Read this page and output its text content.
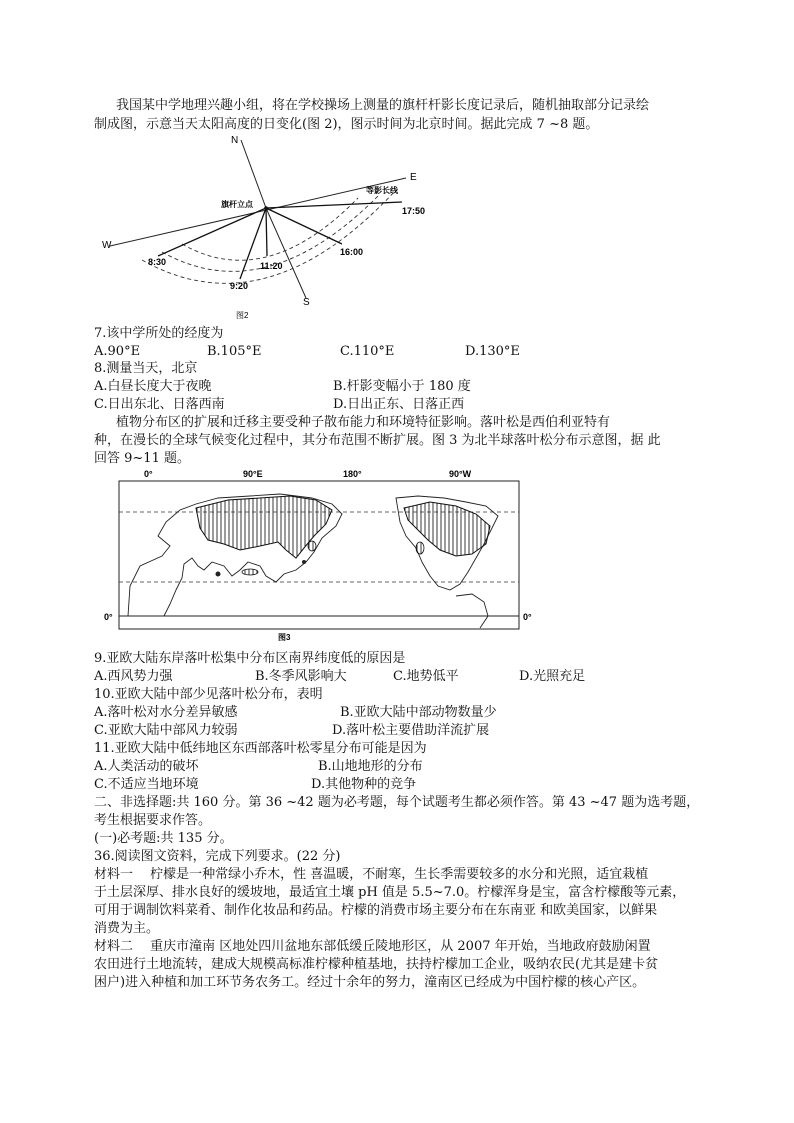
我国某中学地理兴趣小组，将在学校操场上测量的旗杆杆影长度记录后，随机抽取部分记录绘
制成图，示意当天太阳高度的日变化(图 2)，图示时间为北京时间。据此完成 7 ~8 题。
N
E
W
S
旗杆立点
等影长线
8:30
9:20
11:20
16:00
17:50
图2
7.该中学所处的经度为
A.90°E	B.105°E	C.110°E	D.130°E
8.测量当天，北京
A.白昼长度大于夜晚	B.杆影变幅小于 180 度
C.日出东北、日落西南	D.日出正东、日落正西
植物分布区的扩展和迁移主要受种子散布能力和环境特征影响。落叶松是西伯利亚特有
种，在漫长的全球气候变化过程中，其分布范围不断扩展。图 3 为北半球落叶松分布示意图，据 此
回答 9~11 题。
0°	90°E	180°	90°W
0°	0°
图3
9.亚欧大陆东岸落叶松集中分布区南界纬度低的原因是
A.西风势力强	B.冬季风影响大	C.地势低平	D.光照充足
10.亚欧大陆中部少见落叶松分布，表明
A.落叶松对水分差异敏感	B.亚欧大陆中部动物数量少
C.亚欧大陆中部风力较弱	D.落叶松主要借助洋流扩展
11.亚欧大陆中低纬地区东西部落叶松零星分布可能是因为
A.人类活动的破坏	B.山地地形的分布
C.不适应当地环境	D.其他物种的竞争
二、非选择题:共 160 分。第 36 ~42 题为必考题，每个试题考生都必须作答。第 43 ~47 题为选考题，
考生根据要求作答。
(一)必考题:共 135 分。
36.阅读图文资料，完成下列要求。(22 分)
材料一　 柠檬是一种常绿小乔木，性 喜温暖，不耐寒，生长季需要较多的水分和光照，适宜栽植
于土层深厚、排水良好的缓坡地，最适宜土壤 pH 值是 5.5~7.0。柠檬浑身是宝，富含柠檬酸等元素，
可用于调制饮料菜肴、制作化妆品和药品。柠檬的消费市场主要分布在东南亚 和欧美国家，以鲜果
消费为主。
材料二　 重庆市潼南 区地处四川盆地东部低缓丘陵地形区，从 2007 年开始，当地政府鼓励闲置
农田进行土地流转，建成大规模高标准柠檬种植基地，扶持柠檬加工企业，吸纳农民(尤其是建卡贫
困户)进入种植和加工环节务农务工。经过十余年的努力，潼南区已经成为中国柠檬的核心产区。
